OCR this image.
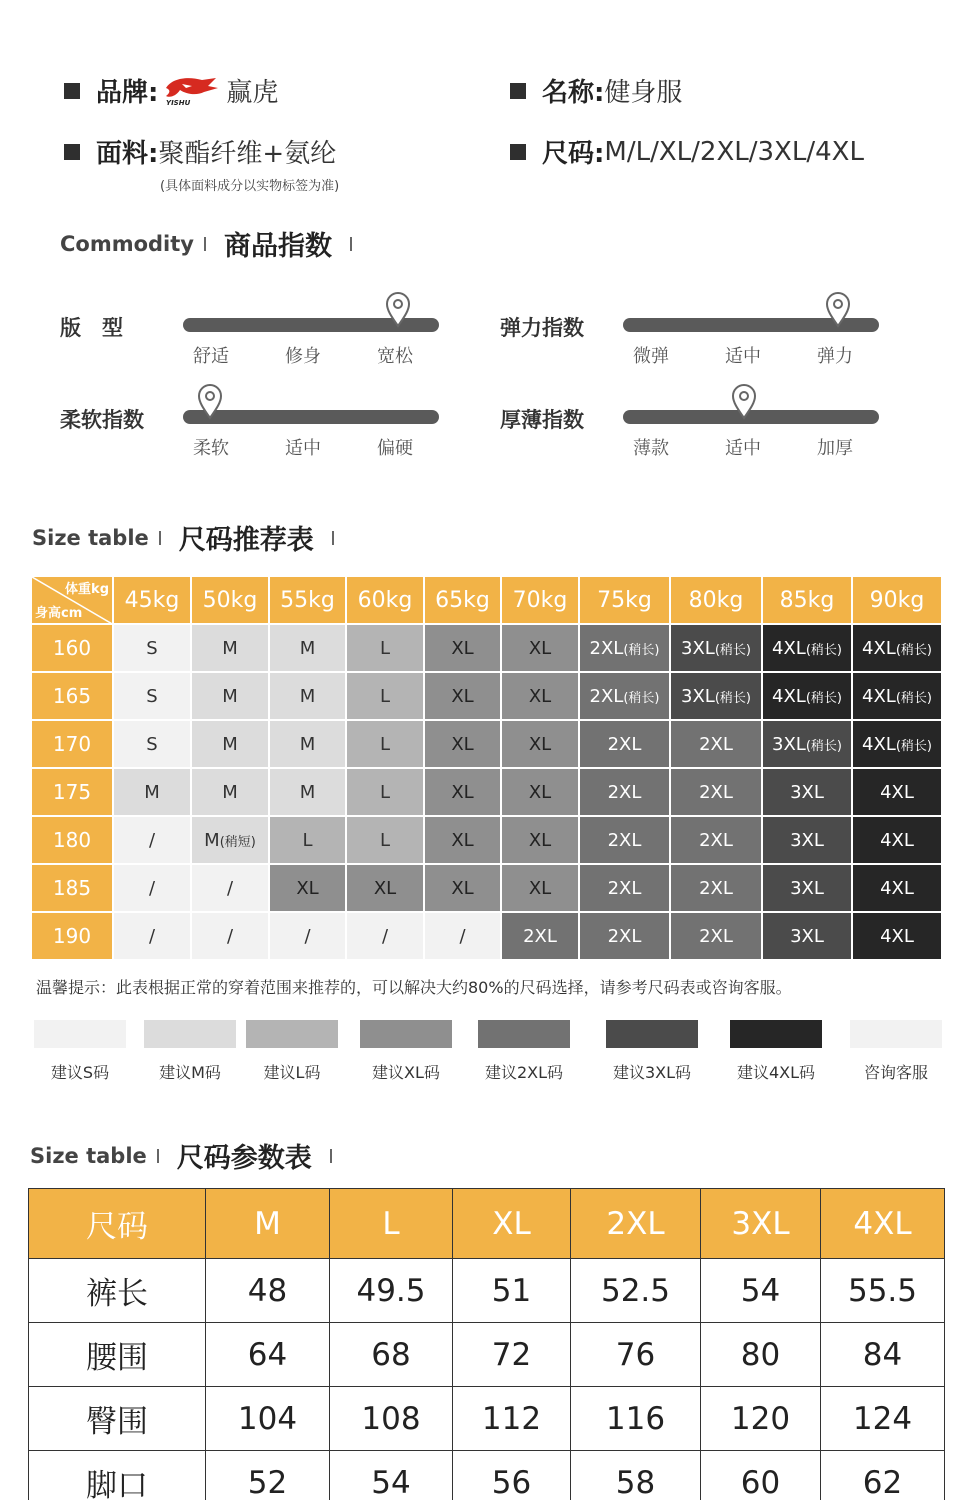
品牌: YISHU 赢虎	名称: 健身服
面料: 聚酯纤维+氨纶
(具体面料成分以实物标签为准)
尺码: M/L/XL/2XL/3XL/4XL
Commodity 商品指数
版　型
舒适	修身	宽松
弹力指数
微弹	适中	弹力
柔软指数
柔软	适中	偏硬
厚薄指数
薄款	适中	加厚
Size table 尺码推荐表
体重kg
身高cm	45kg	50kg	55kg	60kg	65kg	70kg	75kg	80kg	85kg	90kg
160	S	M	M	L	XL	XL	2XL(稍长)	3XL(稍长)	4XL(稍长)	4XL(稍长)
165	S	M	M	L	XL	XL	2XL(稍长)	3XL(稍长)	4XL(稍长)	4XL(稍长)
170	S	M	M	L	XL	XL	2XL	2XL	3XL(稍长)	4XL(稍长)
175	M	M	M	L	XL	XL	2XL	2XL	3XL	4XL
180	/	M(稍短)	L	L	XL	XL	2XL	2XL	3XL	4XL
185	/	/	XL	XL	XL	XL	2XL	2XL	3XL	4XL
190	/	/	/	/	/	2XL	2XL	2XL	3XL	4XL
温馨提示：此表根据正常的穿着范围来推荐的，可以解决大约80%的尺码选择，请参考尺码表或咨询客服。
建议S码	建议M码	建议L码	建议XL码	建议2XL码	建议3XL码	建议4XL码	咨询客服
Size table 尺码参数表
尺码	M	L	XL	2XL	3XL	4XL
裤长	48	49.5	51	52.5	54	55.5
腰围	64	68	72	76	80	84
臀围	104	108	112	116	120	124
脚口	52	54	56	58	60	62
